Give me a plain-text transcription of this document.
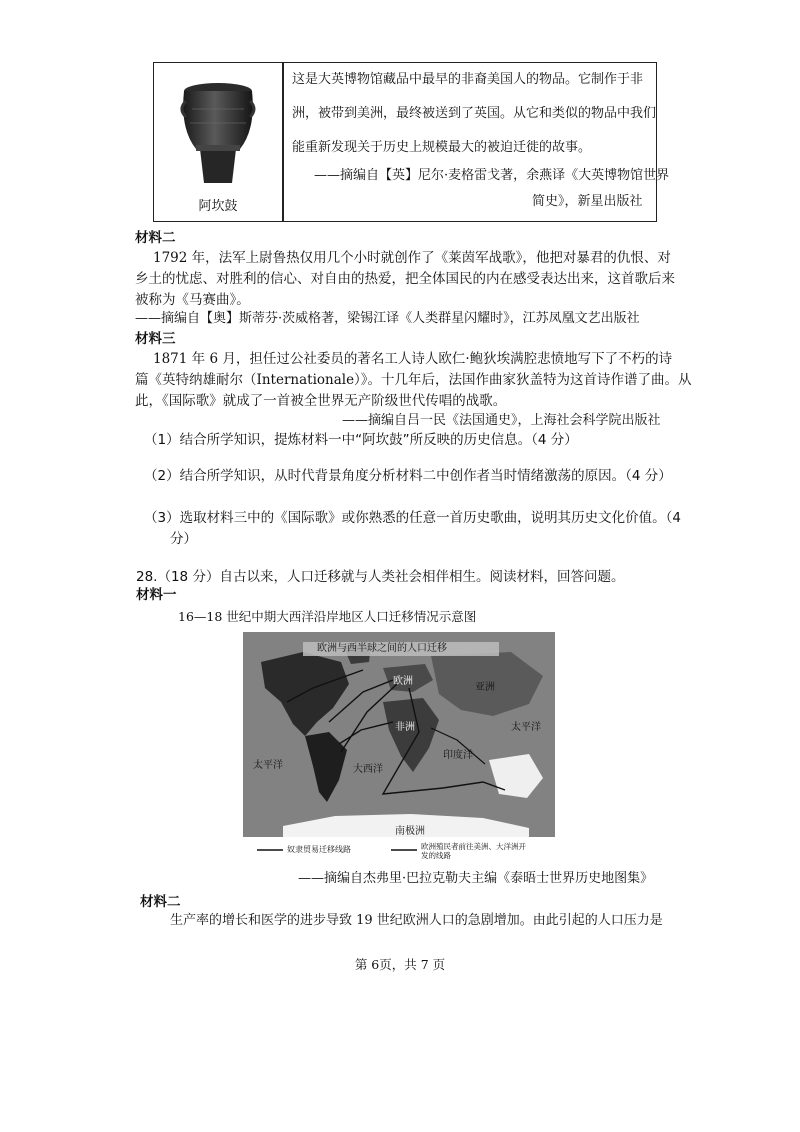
阿坎鼓
这是大英博物馆藏品中最早的非裔美国人的物品。它制作于非
洲，被带到美洲，最终被送到了英国。从它和类似的物品中我们
能重新发现关于历史上规模最大的被迫迁徙的故事。
——摘编自【英】尼尔·麦格雷戈著，余燕译《大英博物馆世界
简史》，新星出版社
材料二
1792 年，法军上尉鲁热仅用几个小时就创作了《莱茵军战歌》，他把对暴君的仇恨、对
乡土的忧虑、对胜利的信心、对自由的热爱，把全体国民的内在感受表达出来，这首歌后来
被称为《马赛曲》。
——摘编自【奥】斯蒂芬·茨威格著，梁锡江译《人类群星闪耀时》，江苏凤凰文艺出版社
材料三
1871 年 6 月，担任过公社委员的著名工人诗人欧仁·鲍狄埃满腔悲愤地写下了不朽的诗
篇《英特纳雄耐尔（Internationale）》。十几年后，法国作曲家狄盖特为这首诗作谱了曲。从
此，《国际歌》就成了一首被全世界无产阶级世代传唱的战歌。
——摘编自吕一民《法国通史》，上海社会科学院出版社
（1）结合所学知识，提炼材料一中“阿坎鼓”所反映的历史信息。（4 分）
（2）结合所学知识，从时代背景角度分析材料二中创作者当时情绪激荡的原因。（4 分）
（3）选取材料三中的《国际歌》或你熟悉的任意一首历史歌曲，说明其历史文化价值。（4
分）
28.（18 分）自古以来，人口迁移就与人类社会相伴相生。阅读材料，回答问题。
材料一
16—18 世纪中期大西洋沿岸地区人口迁移情况示意图
欧洲与西半球之间的人口迁移
欧洲
亚洲
非洲
印度洋
太平洋
太平洋	大西洋
南极洲
奴隶贸易迁移线路	欧洲殖民者前往美洲、大洋洲开发的线路
——摘编自杰弗里·巴拉克勒夫主编《泰晤士世界历史地图集》
材料二
生产率的增长和医学的进步导致 19 世纪欧洲人口的急剧增加。由此引起的人口压力是
第 6页，共 7 页
